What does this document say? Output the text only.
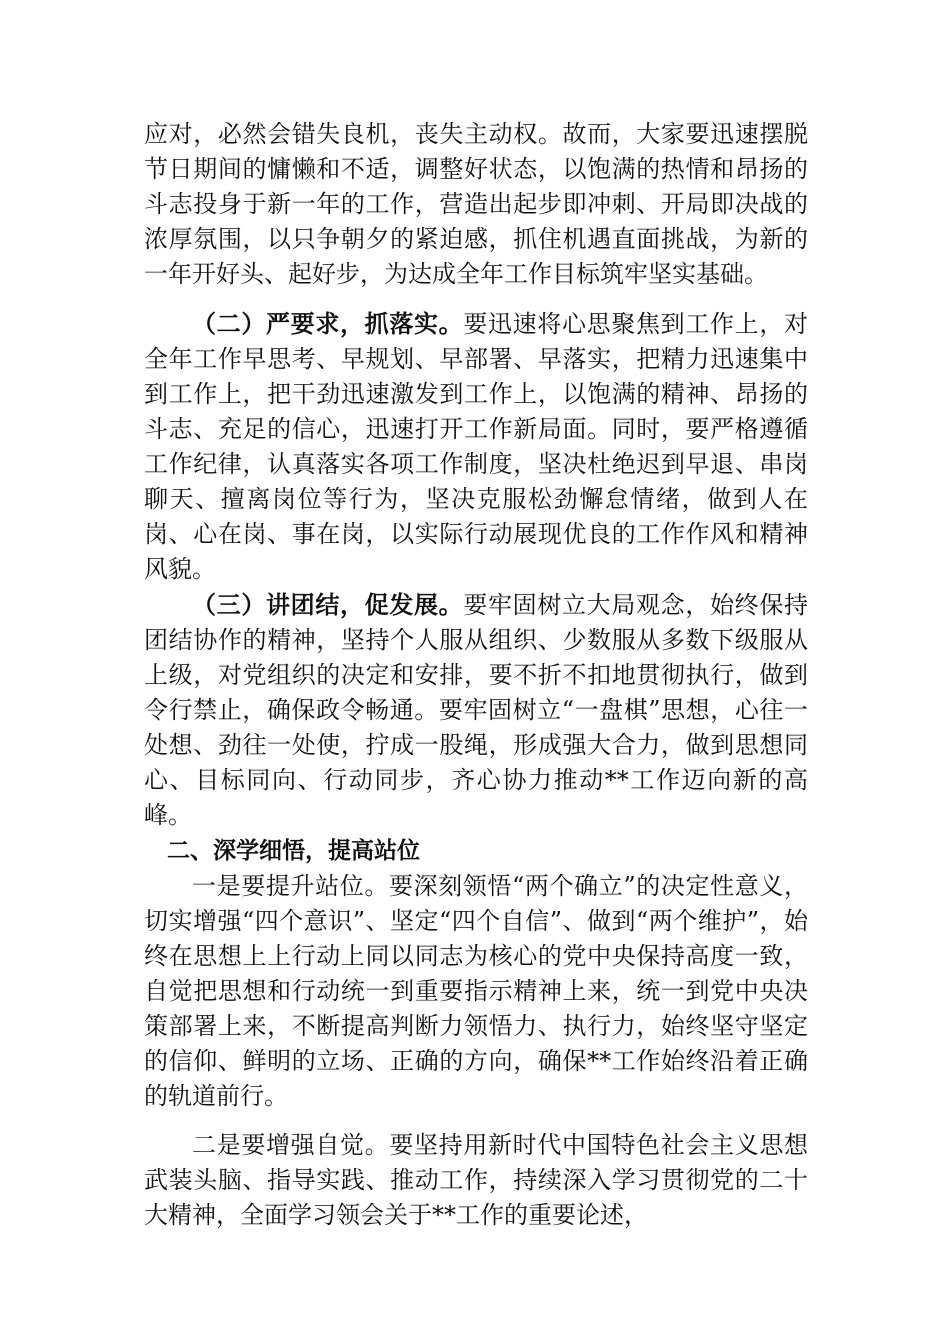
应对，必然会错失良机，丧失主动权。故而，大家要迅速摆脱节日期间的慵懒和不适，调整好状态，以饱满的热情和昂扬的斗志投身于新一年的工作，营造出起步即冲刺、开局即决战的浓厚氛围，以只争朝夕的紧迫感，抓住机遇直面挑战，为新的一年开好头、起好步，为达成全年工作目标筑牢坚实基础。

（二）严要求，抓落实。要迅速将心思聚焦到工作上，对全年工作早思考、早规划、早部署、早落实，把精力迅速集中到工作上，把干劲迅速激发到工作上，以饱满的精神、昂扬的斗志、充足的信心，迅速打开工作新局面。同时，要严格遵循工作纪律，认真落实各项工作制度，坚决杜绝迟到早退、串岗聊天、擅离岗位等行为，坚决克服松劲懈怠情绪，做到人在岗、心在岗、事在岗，以实际行动展现优良的工作作风和精神风貌。

（三）讲团结，促发展。要牢固树立大局观念，始终保持团结协作的精神，坚持个人服从组织、少数服从多数下级服从上级，对党组织的决定和安排，要不折不扣地贯彻执行，做到令行禁止，确保政令畅通。要牢固树立“一盘棋”思想，心往一处想、劲往一处使，拧成一股绳，形成强大合力，做到思想同心、目标同向、行动同步，齐心协力推动**工作迈向新的高峰。

二、深学细悟，提高站位

一是要提升站位。要深刻领悟“两个确立”的决定性意义，切实增强“四个意识”、坚定“四个自信”、做到“两个维护”，始终在思想上上行动上同以同志为核心的党中央保持高度一致，自觉把思想和行动统一到重要指示精神上来，统一到党中央决策部署上来，不断提高判断力领悟力、执行力，始终坚守坚定的信仰、鲜明的立场、正确的方向，确保**工作始终沿着正确的轨道前行。

二是要增强自觉。要坚持用新时代中国特色社会主义思想武装头脑、指导实践、推动工作，持续深入学习贯彻党的二十大精神，全面学习领会关于**工作的重要论述，
